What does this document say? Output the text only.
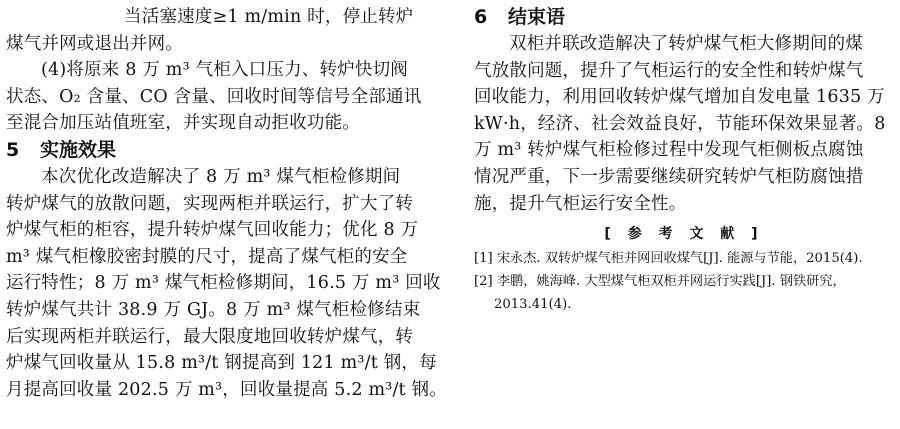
当活塞速度≥1 m/min 时，停止转炉
煤气并网或退出并网。
(4)将原来 8 万 m³ 气柜入口压力、转炉快切阀
状态、O₂ 含量、CO 含量、回收时间等信号全部通讯
至混合加压站值班室，并实现自动拒收功能。
5 实施效果
本次优化改造解决了 8 万 m³ 煤气柜检修期间
转炉煤气的放散问题，实现两柜并联运行，扩大了转
炉煤气柜的柜容，提升转炉煤气回收能力；优化 8 万
m³ 煤气柜橡胶密封膜的尺寸，提高了煤气柜的安全
运行特性；8 万 m³ 煤气柜检修期间，16.5 万 m³ 回收
转炉煤气共计 38.9 万 GJ。8 万 m³ 煤气柜检修结束
后实现两柜并联运行，最大限度地回收转炉煤气，转
炉煤气回收量从 15.8 m³/t 钢提高到 121 m³/t 钢，每
月提高回收量 202.5 万 m³，回收量提高 5.2 m³/t 钢。
6 结束语
双柜并联改造解决了转炉煤气柜大修期间的煤
气放散问题，提升了气柜运行的安全性和转炉煤气
回收能力，利用回收转炉煤气增加自发电量 1635 万
kW·h，经济、社会效益良好，节能环保效果显著。8
万 m³ 转炉煤气柜检修过程中发现气柜侧板点腐蚀
情况严重，下一步需要继续研究转炉气柜防腐蚀措
施，提升气柜运行安全性。
[ 参 考 文 献 ]
[1] 宋永杰. 双转炉煤气柜并网回收煤气[J]. 能源与节能，2015(4).
[2] 李鹏，姚海峰. 大型煤气柜双柜并网运行实践[J]. 钢铁研究，
2013.41(4).
